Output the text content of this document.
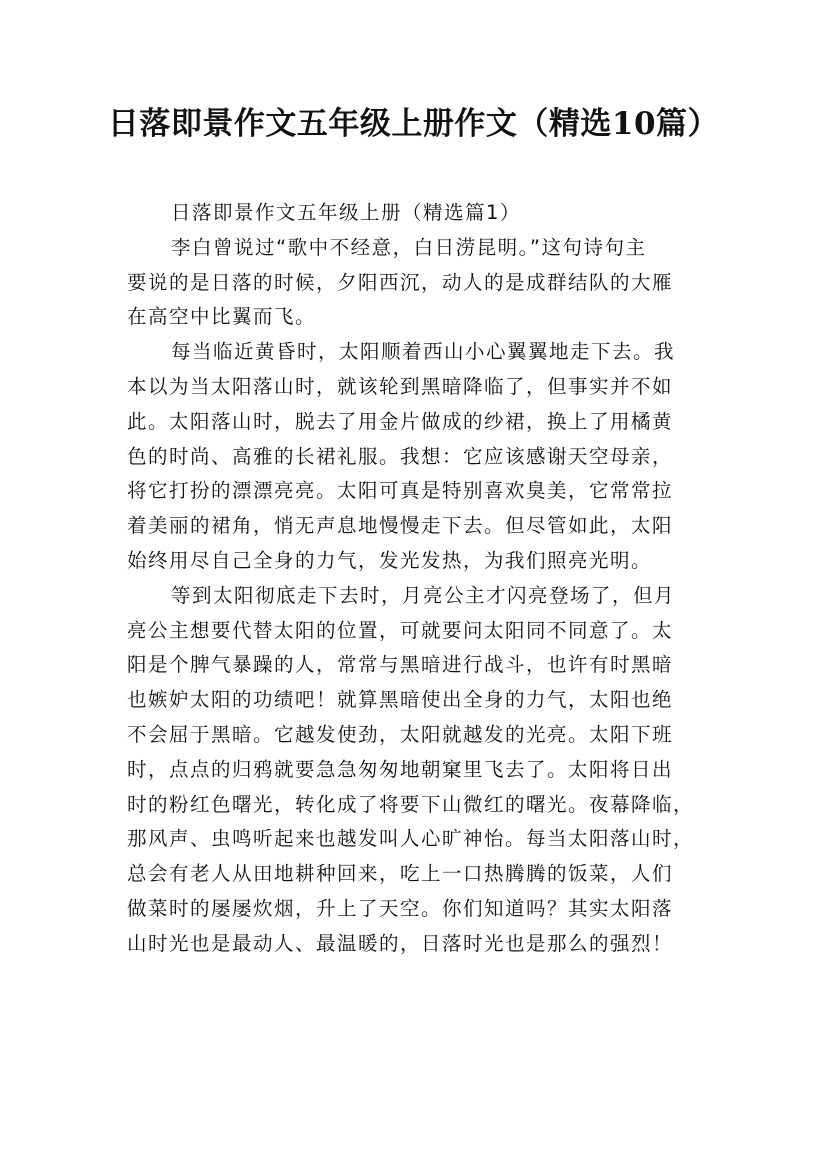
日落即景作文五年级上册作文（精选10篇）
日落即景作文五年级上册（精选篇1）
李白曾说过“歌中不经意，白日涝昆明。”这句诗句主
要说的是日落的时候，夕阳西沉，动人的是成群结队的大雁
在高空中比翼而飞。
每当临近黄昏时，太阳顺着西山小心翼翼地走下去。我
本以为当太阳落山时，就该轮到黑暗降临了，但事实并不如
此。太阳落山时，脱去了用金片做成的纱裙，换上了用橘黄
色的时尚、高雅的长裙礼服。我想：它应该感谢天空母亲，
将它打扮的漂漂亮亮。太阳可真是特别喜欢臭美，它常常拉
着美丽的裙角，悄无声息地慢慢走下去。但尽管如此，太阳
始终用尽自己全身的力气，发光发热，为我们照亮光明。
等到太阳彻底走下去时，月亮公主才闪亮登场了，但月
亮公主想要代替太阳的位置，可就要问太阳同不同意了。太
阳是个脾气暴躁的人，常常与黑暗进行战斗，也许有时黑暗
也嫉妒太阳的功绩吧！就算黑暗使出全身的力气，太阳也绝
不会屈于黑暗。它越发使劲，太阳就越发的光亮。太阳下班
时，点点的归鸦就要急急匆匆地朝窠里飞去了。太阳将日出
时的粉红色曙光，转化成了将要下山微红的曙光。夜幕降临，
那风声、虫鸣听起来也越发叫人心旷神怡。每当太阳落山时，
总会有老人从田地耕种回来，吃上一口热腾腾的饭菜，人们
做菜时的屡屡炊烟，升上了天空。你们知道吗？其实太阳落
山时光也是最动人、最温暖的，日落时光也是那么的强烈！
